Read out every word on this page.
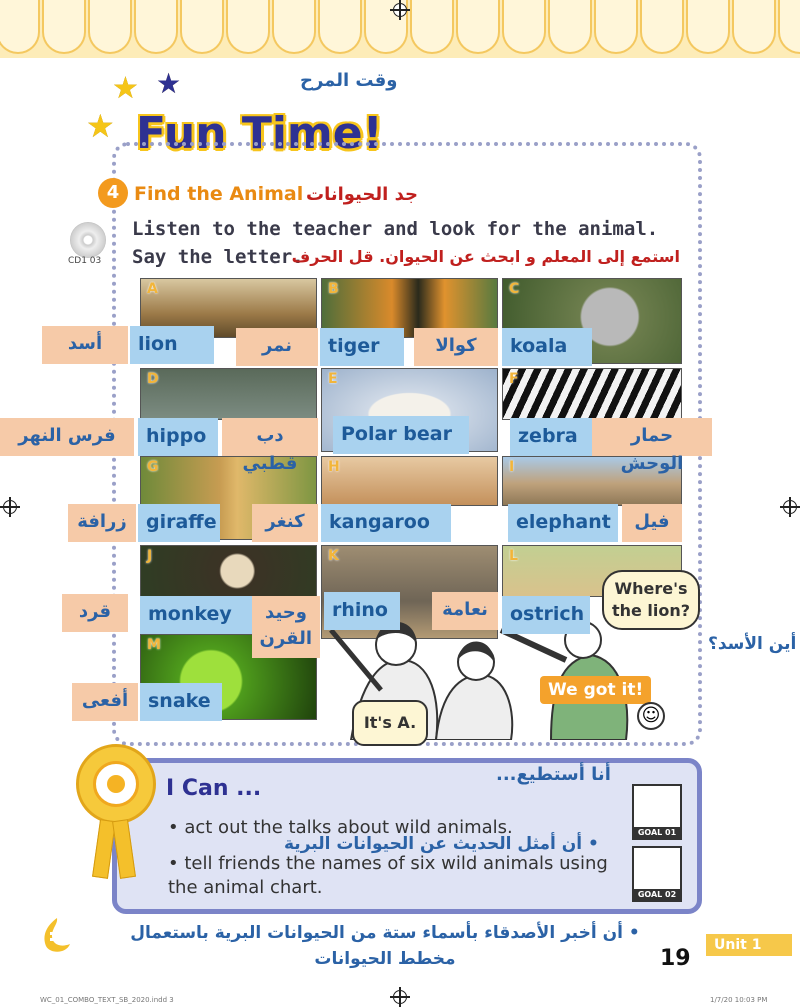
★ ★
★
وقت المرح
Fun Time!
4 Find the Animal جد الحيوانات
CD1 03
Listen to the teacher and look for the animal.
Say the letter.
استمع إلى المعلم و ابحث عن الحيوان. قل الحرف
A	B	C
D	E	F
G	H	I
J	K	L
M
أسد	lion	نمر	tiger	كوالا	koala
فرس النهر	hippo	دب قطبي
Polar bear	zebra	حمار الوحش
زرافة	giraffe	كنغر	kangaroo	elephant	فيل
قرد	monkey	وحيد القرن
rhino	نعامة	ostrich
أفعى	snake
Where's the lion?
أين الأسد؟
It's A.
We got it!
☺
I Can ...
أنا أستطيع...
• act out the talks about wild animals.
• أن أمثل الحديث عن الحيوانات البرية
• tell friends the names of six wild animals using the animal chart.
GOAL 01
GOAL 02
• أن أخبر الأصدقاء بأسماء ستة من الحيوانات البرية باستعمال مخطط الحيوانات	19
Unit 1
WC_01_COMBO_TEXT_SB_2020.indd 3	1/7/20 10:03 PM
